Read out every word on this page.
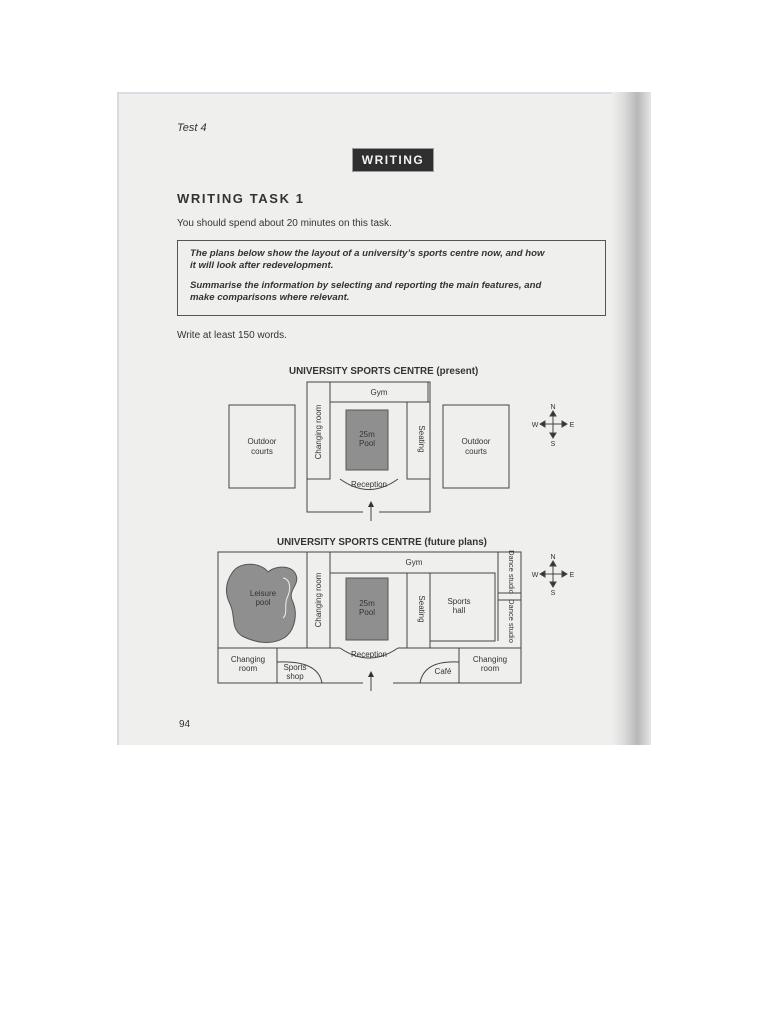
Test 4
WRITING
WRITING TASK 1
You should spend about 20 minutes on this task.

The plans below show the layout of a university’s sports centre now, and how
it will look after redevelopment.

Summarise the information by selecting and reporting the main features, and
make comparisons where relevant.

Write at least 150 words.
UNIVERSITY SPORTS CENTRE (present)
UNIVERSITY SPORTS CENTRE (future plans)
Gym
Changing room	Seating
25m
Pool
Reception
Outdoor
courts
Outdoor
courts
N
S
W	E
Gym
Leisure
pool	Changing room	25m
Pool	Seating	Sports
hall
Dance studio
Dance studio
Reception
Changing
room	Sports
shop
Café
Changing
room
N
S
W	E
94
